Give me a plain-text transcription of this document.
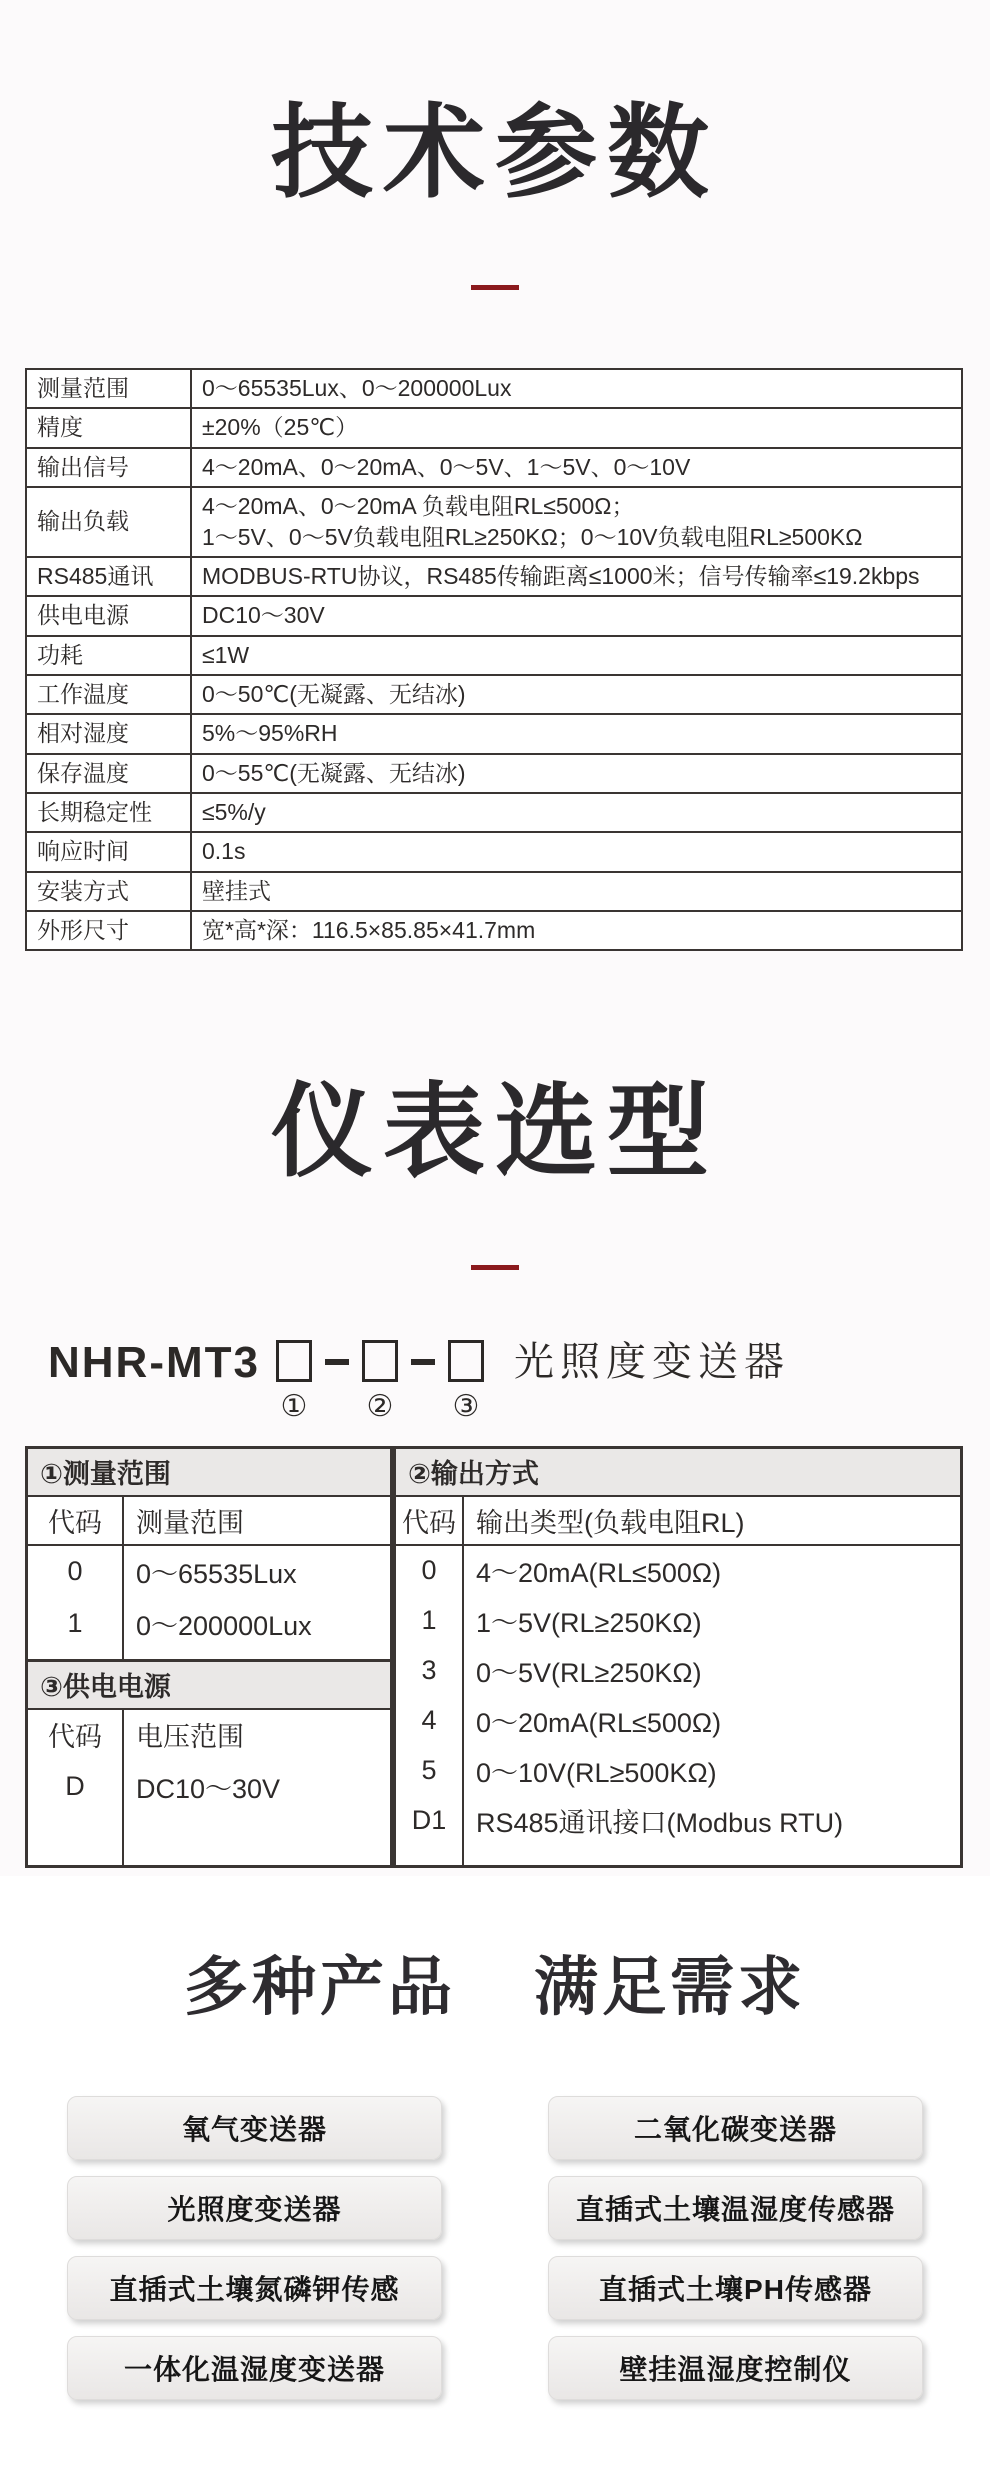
技术参数
测量范围	0～65535Lux、0～200000Lux
精度	±20%（25℃）
输出信号	4～20mA、0～20mA、0～5V、1～5V、0～10V
输出负载	4～20mA、0～20mA 负载电阻RL≤500Ω；
1～5V、0～5V负载电阻RL≥250KΩ；0～10V负载电阻RL≥500KΩ

RS485通讯	MODBUS-RTU协议，RS485传输距离≤1000米；信号传输率≤19.2kbps
供电电源	DC10～30V
功耗	≤1W
工作温度	0～50℃(无凝露、无结冰)
相对湿度	5%～95%RH
保存温度	0～55℃(无凝露、无结冰)
长期稳定性	≤5%/y
响应时间	0.1s
安装方式	壁挂式
外形尺寸	宽*高*深：116.5×85.85×41.7mm
仪表选型
NHR-MT3
① ② ③
光照度变送器
①测量范围
代码	测量范围
0	0～65535Lux
1	0～200000Lux
③供电电源
代码	电压范围
D	DC10～30V
②输出方式
代码 输出类型(负载电阻RL)
0	4～20mA(RL≤500Ω)
1	1～5V(RL≥250KΩ)
3	0～5V(RL≥250KΩ)
4	0～20mA(RL≤500Ω)
5	0～10V(RL≥500KΩ)
D1	RS485通讯接口(Modbus RTU)
多种产品 满足需求
氧气变送器	二氧化碳变送器
光照度变送器	直插式土壤温湿度传感器
直插式土壤氮磷钾传感	直插式土壤PH传感器
一体化温湿度变送器	壁挂温湿度控制仪
